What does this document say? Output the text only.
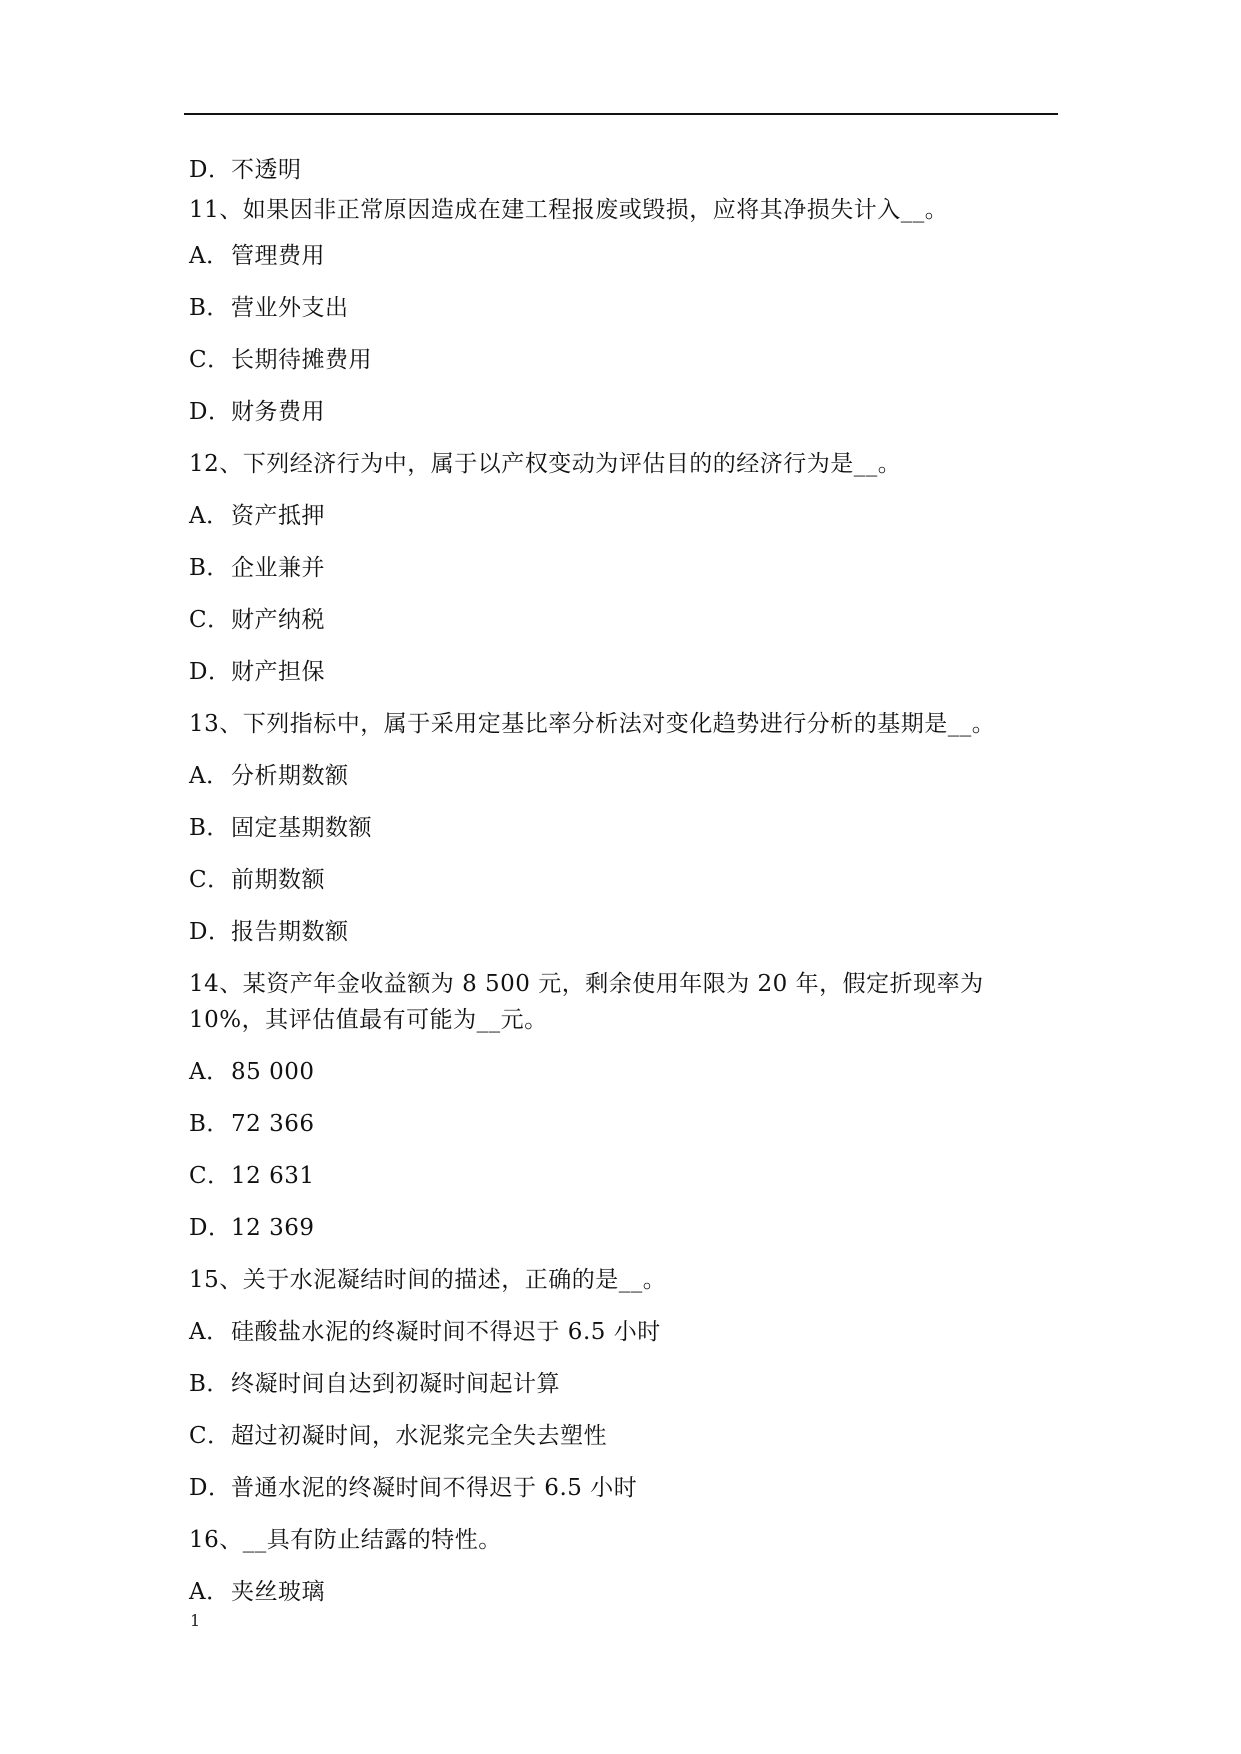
D．不透明
11、如果因非正常原因造成在建工程报废或毁损，应将其净损失计入__。
A．管理费用
B．营业外支出
C．长期待摊费用
D．财务费用
12、下列经济行为中，属于以产权变动为评估目的的经济行为是__。
A．资产抵押
B．企业兼并
C．财产纳税
D．财产担保
13、下列指标中，属于采用定基比率分析法对变化趋势进行分析的基期是__。
A．分析期数额
B．固定基期数额
C．前期数额
D．报告期数额
14、某资产年金收益额为 8 500 元，剩余使用年限为 20 年，假定折现率为 10%，其评估值最有可能为__元。
A．85 000
B．72 366
C．12 631
D．12 369
15、关于水泥凝结时间的描述，正确的是__。
A．硅酸盐水泥的终凝时间不得迟于 6.5 小时
B．终凝时间自达到初凝时间起计算
C．超过初凝时间，水泥浆完全失去塑性
D．普通水泥的终凝时间不得迟于 6.5 小时
16、__具有防止结露的特性。
A．夹丝玻璃
1
